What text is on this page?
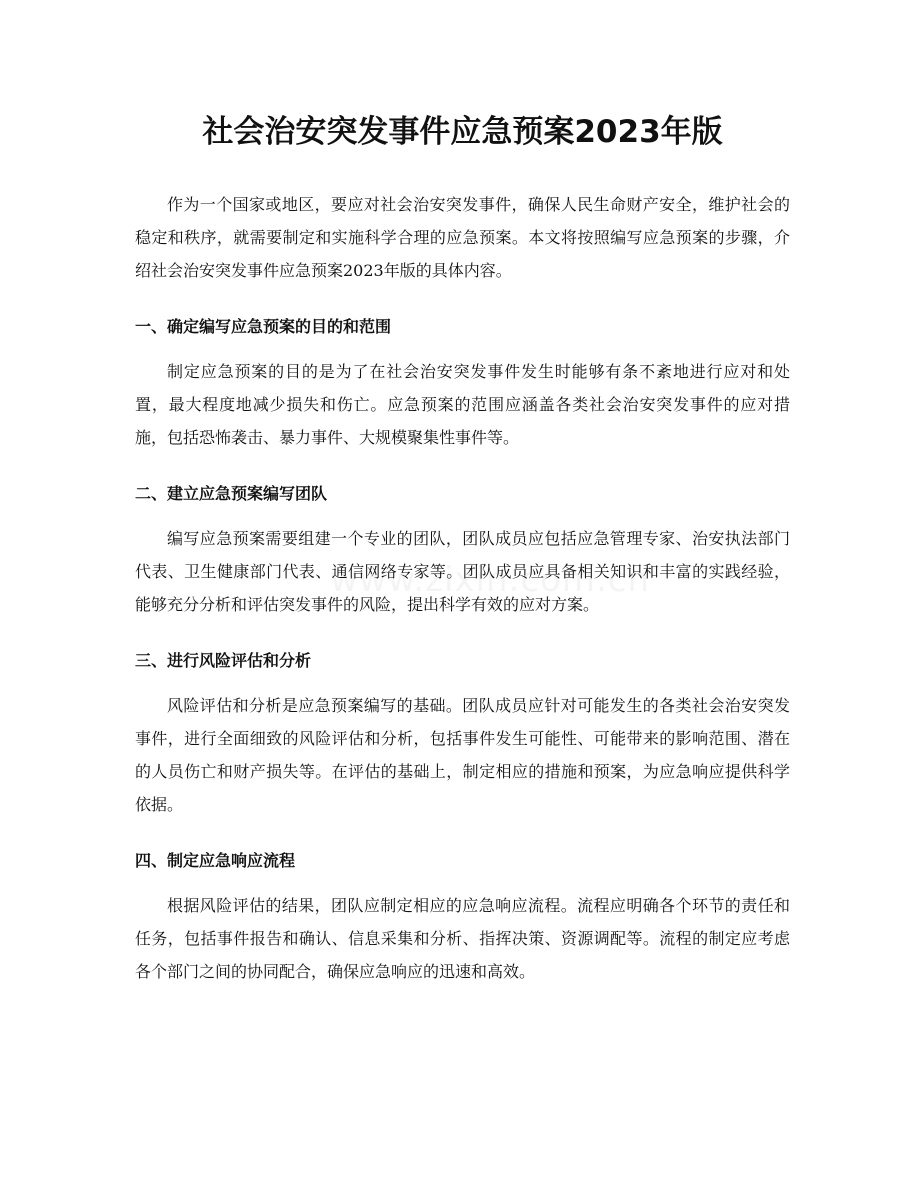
社会治安突发事件应急预案2023年版

作为一个国家或地区，要应对社会治安突发事件，确保人民生命财产安全，维护社会的稳定和秩序，就需要制定和实施科学合理的应急预案。本文将按照编写应急预案的步骤，介绍社会治安突发事件应急预案2023年版的具体内容。

一、确定编写应急预案的目的和范围

制定应急预案的目的是为了在社会治安突发事件发生时能够有条不紊地进行应对和处置，最大程度地减少损失和伤亡。应急预案的范围应涵盖各类社会治安突发事件的应对措施，包括恐怖袭击、暴力事件、大规模聚集性事件等。

二、建立应急预案编写团队

编写应急预案需要组建一个专业的团队，团队成员应包括应急管理专家、治安执法部门代表、卫生健康部门代表、通信网络专家等。团队成员应具备相关知识和丰富的实践经验，能够充分分析和评估突发事件的风险，提出科学有效的应对方案。

三、进行风险评估和分析

风险评估和分析是应急预案编写的基础。团队成员应针对可能发生的各类社会治安突发事件，进行全面细致的风险评估和分析，包括事件发生可能性、可能带来的影响范围、潜在的人员伤亡和财产损失等。在评估的基础上，制定相应的措施和预案，为应急响应提供科学依据。

四、制定应急响应流程

根据风险评估的结果，团队应制定相应的应急响应流程。流程应明确各个环节的责任和任务，包括事件报告和确认、信息采集和分析、指挥决策、资源调配等。流程的制定应考虑各个部门之间的协同配合，确保应急响应的迅速和高效。
